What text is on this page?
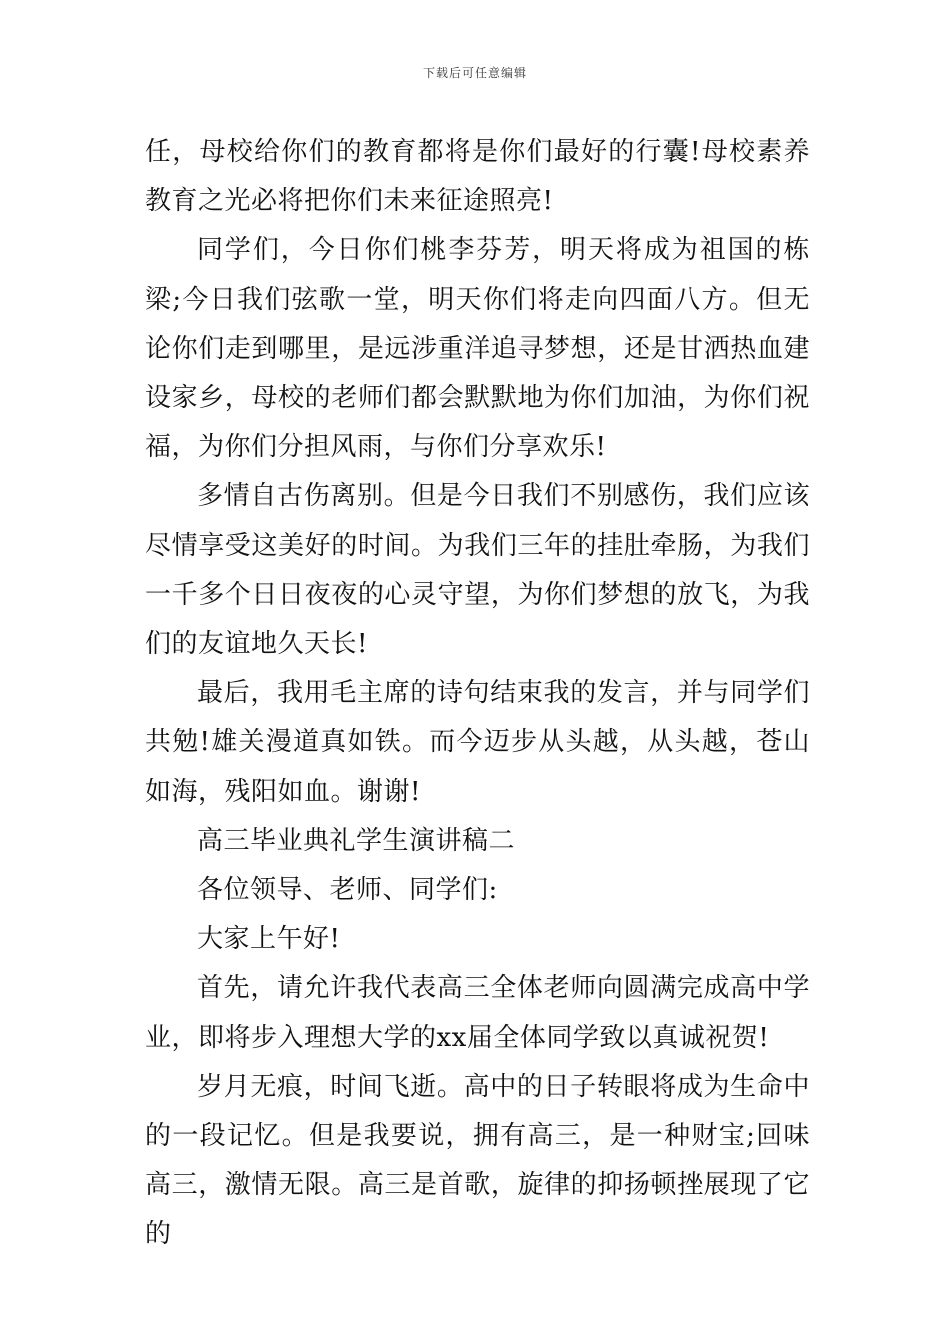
下载后可任意编辑

任，母校给你们的教育都将是你们最好的行囊!母校素养教育之光必将把你们未来征途照亮!

同学们，今日你们桃李芬芳，明天将成为祖国的栋梁;今日我们弦歌一堂，明天你们将走向四面八方。但无论你们走到哪里，是远涉重洋追寻梦想，还是甘洒热血建设家乡，母校的老师们都会默默地为你们加油，为你们祝福，为你们分担风雨，与你们分享欢乐!

多情自古伤离别。但是今日我们不别感伤，我们应该尽情享受这美好的时间。为我们三年的挂肚牵肠，为我们一千多个日日夜夜的心灵守望，为你们梦想的放飞，为我们的友谊地久天长!

最后，我用毛主席的诗句结束我的发言，并与同学们共勉!雄关漫道真如铁。而今迈步从头越，从头越，苍山如海，残阳如血。谢谢!

高三毕业典礼学生演讲稿二

各位领导、老师、同学们:

大家上午好!

首先，请允许我代表高三全体老师向圆满完成高中学业，即将步入理想大学的xx届全体同学致以真诚祝贺!

岁月无痕，时间飞逝。高中的日子转眼将成为生命中的一段记忆。但是我要说，拥有高三，是一种财宝;回味高三，激情无限。高三是首歌，旋律的抑扬顿挫展现了它的
